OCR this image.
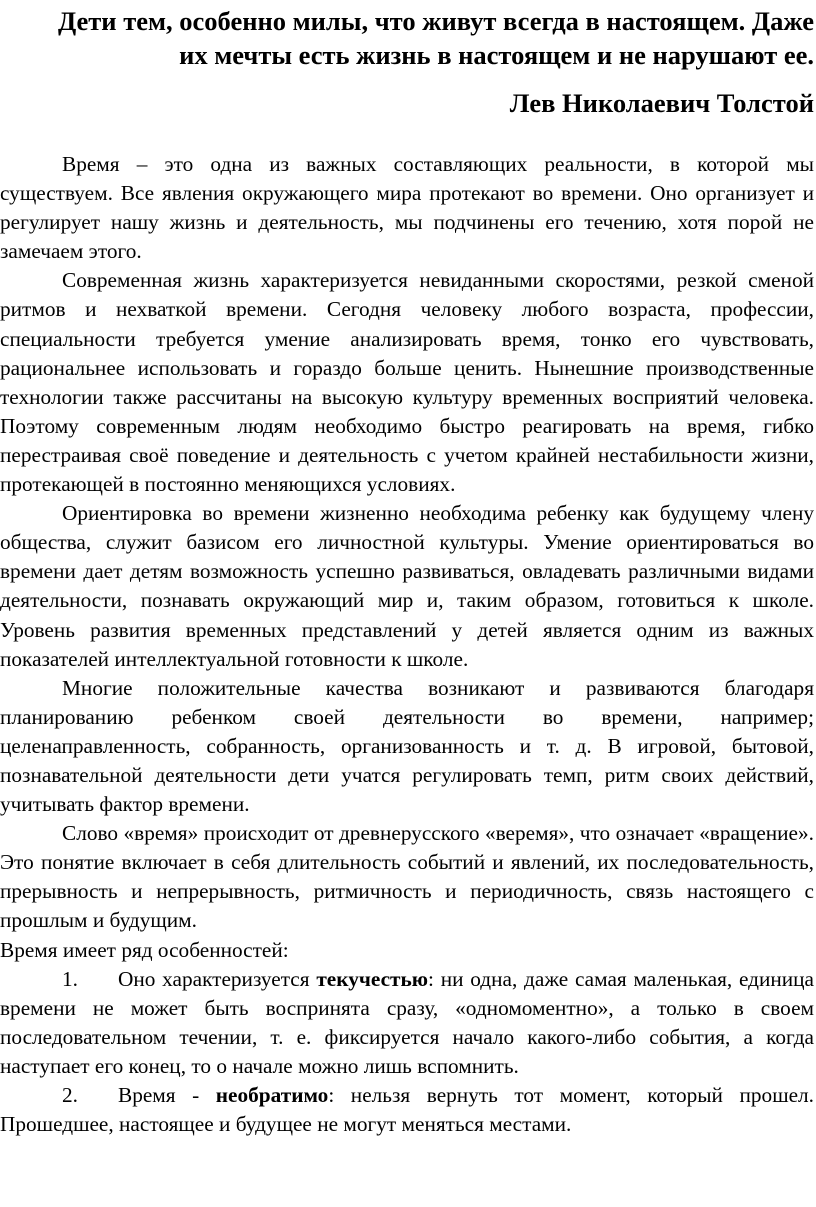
Дети тем, особенно милы, что живут всегда в настоящем. Даже их мечты есть жизнь в настоящем и не нарушают ее.

Лев Николаевич Толстой

Время – это одна из важных составляющих реальности, в которой мы существуем. Все явления окружающего мира протекают во времени. Оно организует и регулирует нашу жизнь и деятельность, мы подчинены его течению, хотя порой не замечаем этого.

Современная жизнь характеризуется невиданными скоростями, резкой сменой ритмов и нехваткой времени. Сегодня человеку любого возраста, профессии, специальности требуется умение анализировать время, тонко его чувствовать, рациональнее использовать и гораздо больше ценить. Нынешние производственные технологии также рассчитаны на высокую культуру временных восприятий человека. Поэтому современным людям необходимо быстро реагировать на время, гибко перестраивая своё поведение и деятельность с учетом крайней нестабильности жизни, протекающей в постоянно меняющихся условиях.

Ориентировка во времени жизненно необходима ребенку как будущему члену общества, служит базисом его личностной культуры. Умение ориентироваться во времени дает детям возможность успешно развиваться, овладевать различными видами деятельности, познавать окружающий мир и, таким образом, готовиться к школе. Уровень развития временных представлений у детей является одним из важных показателей интеллектуальной готовности к школе.

Многие положительные качества возникают и развиваются благодаря планированию ребенком своей деятельности во времени, например; целенаправленность, собранность, организованность и т. д. В игровой, бытовой, познавательной деятельности дети учатся регулировать темп, ритм своих действий, учитывать фактор времени.

Слово «время» происходит от древнерусского «веремя», что означает «вращение». Это понятие включает в себя длительность событий и явлений, их последовательность, прерывность и непрерывность, ритмичность и периодичность, связь настоящего с прошлым и будущим.

Время имеет ряд особенностей:

1. Оно характеризуется текучестью: ни одна, даже самая маленькая, единица времени не может быть воспринята сразу, «одномоментно», а только в своем последовательном течении, т. е. фиксируется начало какого-либо события, а когда наступает его конец, то о начале можно лишь вспомнить.

2. Время - необратимо: нельзя вернуть тот момент, который прошел. Прошедшее, настоящее и будущее не могут меняться местами.
